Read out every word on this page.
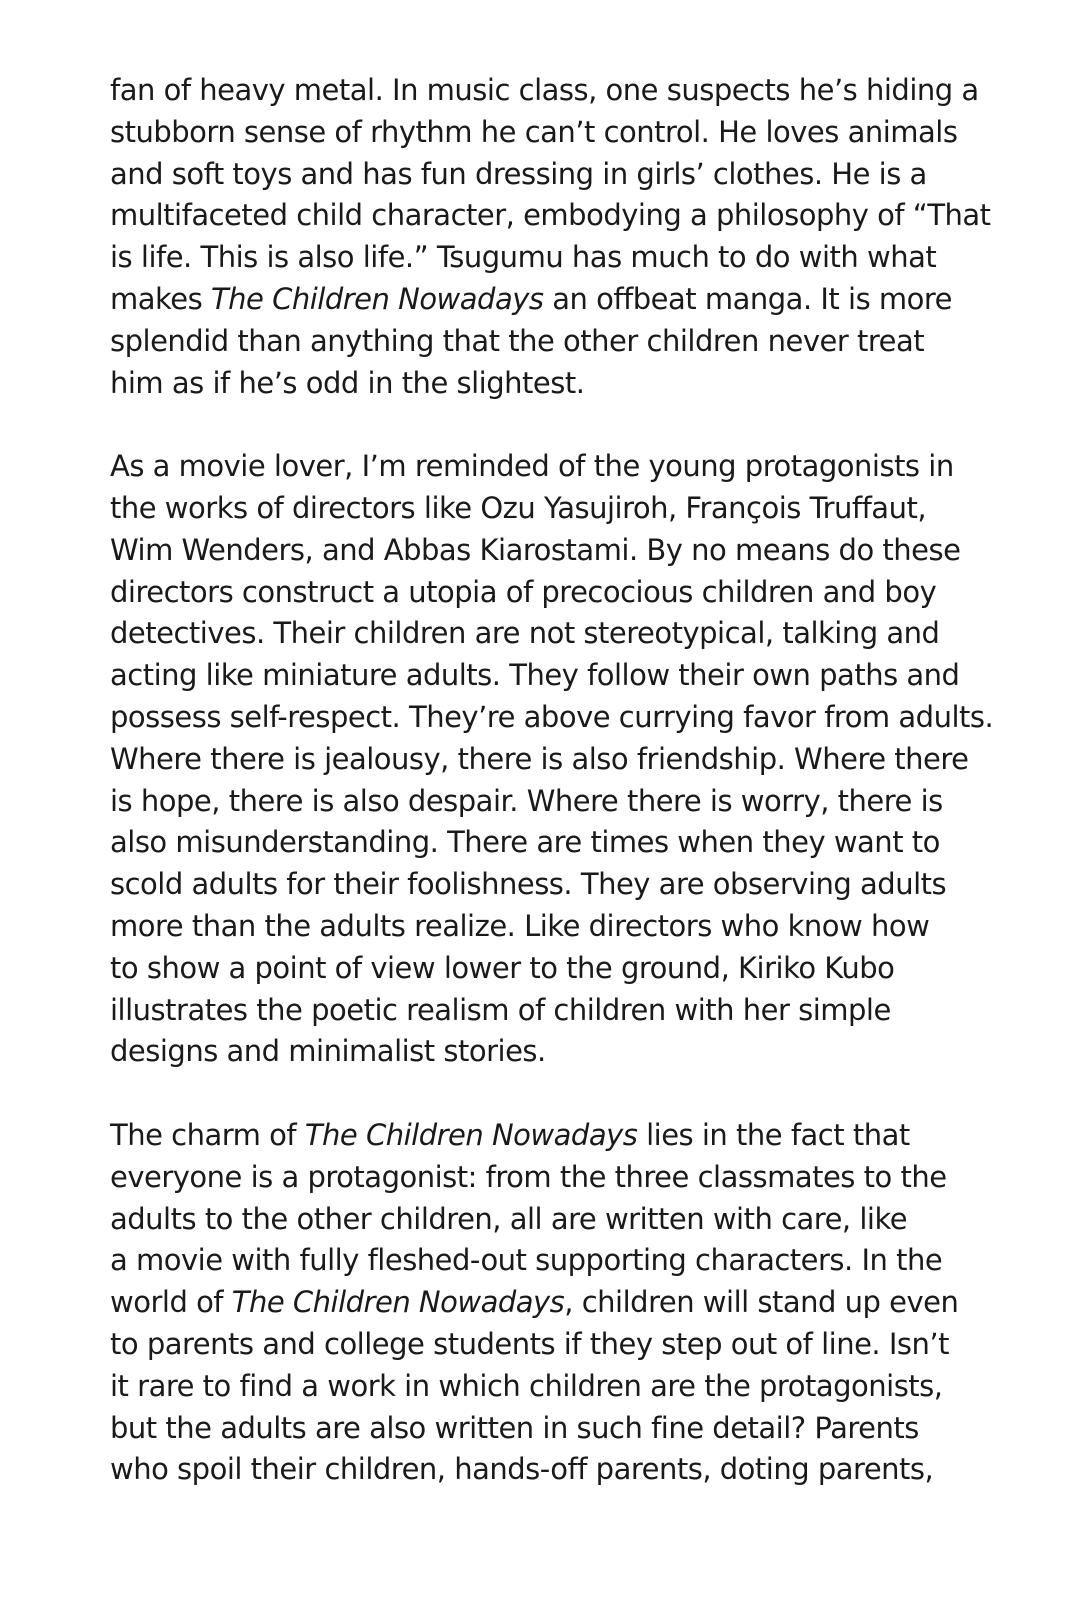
fan of heavy metal. In music class, one suspects he’s hiding a
stubborn sense of rhythm he can’t control. He loves animals
and soft toys and has fun dressing in girls’ clothes. He is a
multifaceted child character, embodying a philosophy of “That
is life. This is also life.” Tsugumu has much to do with what
makes The Children Nowadays an offbeat manga. It is more
splendid than anything that the other children never treat
him as if he’s odd in the slightest.
As a movie lover, I’m reminded of the young protagonists in
the works of directors like Ozu Yasujiroh, François Truffaut,
Wim Wenders, and Abbas Kiarostami. By no means do these
directors construct a utopia of precocious children and boy
detectives. Their children are not stereotypical, talking and
acting like miniature adults. They follow their own paths and
possess self-respect. They’re above currying favor from adults.
Where there is jealousy, there is also friendship. Where there
is hope, there is also despair. Where there is worry, there is
also misunderstanding. There are times when they want to
scold adults for their foolishness. They are observing adults
more than the adults realize. Like directors who know how
to show a point of view lower to the ground, Kiriko Kubo
illustrates the poetic realism of children with her simple
designs and minimalist stories.
The charm of The Children Nowadays lies in the fact that
everyone is a protagonist: from the three classmates to the
adults to the other children, all are written with care, like
a movie with fully fleshed-out supporting characters. In the
world of The Children Nowadays, children will stand up even
to parents and college students if they step out of line. Isn’t
it rare to find a work in which children are the protagonists,
but the adults are also written in such fine detail? Parents
who spoil their children, hands-off parents, doting parents,
